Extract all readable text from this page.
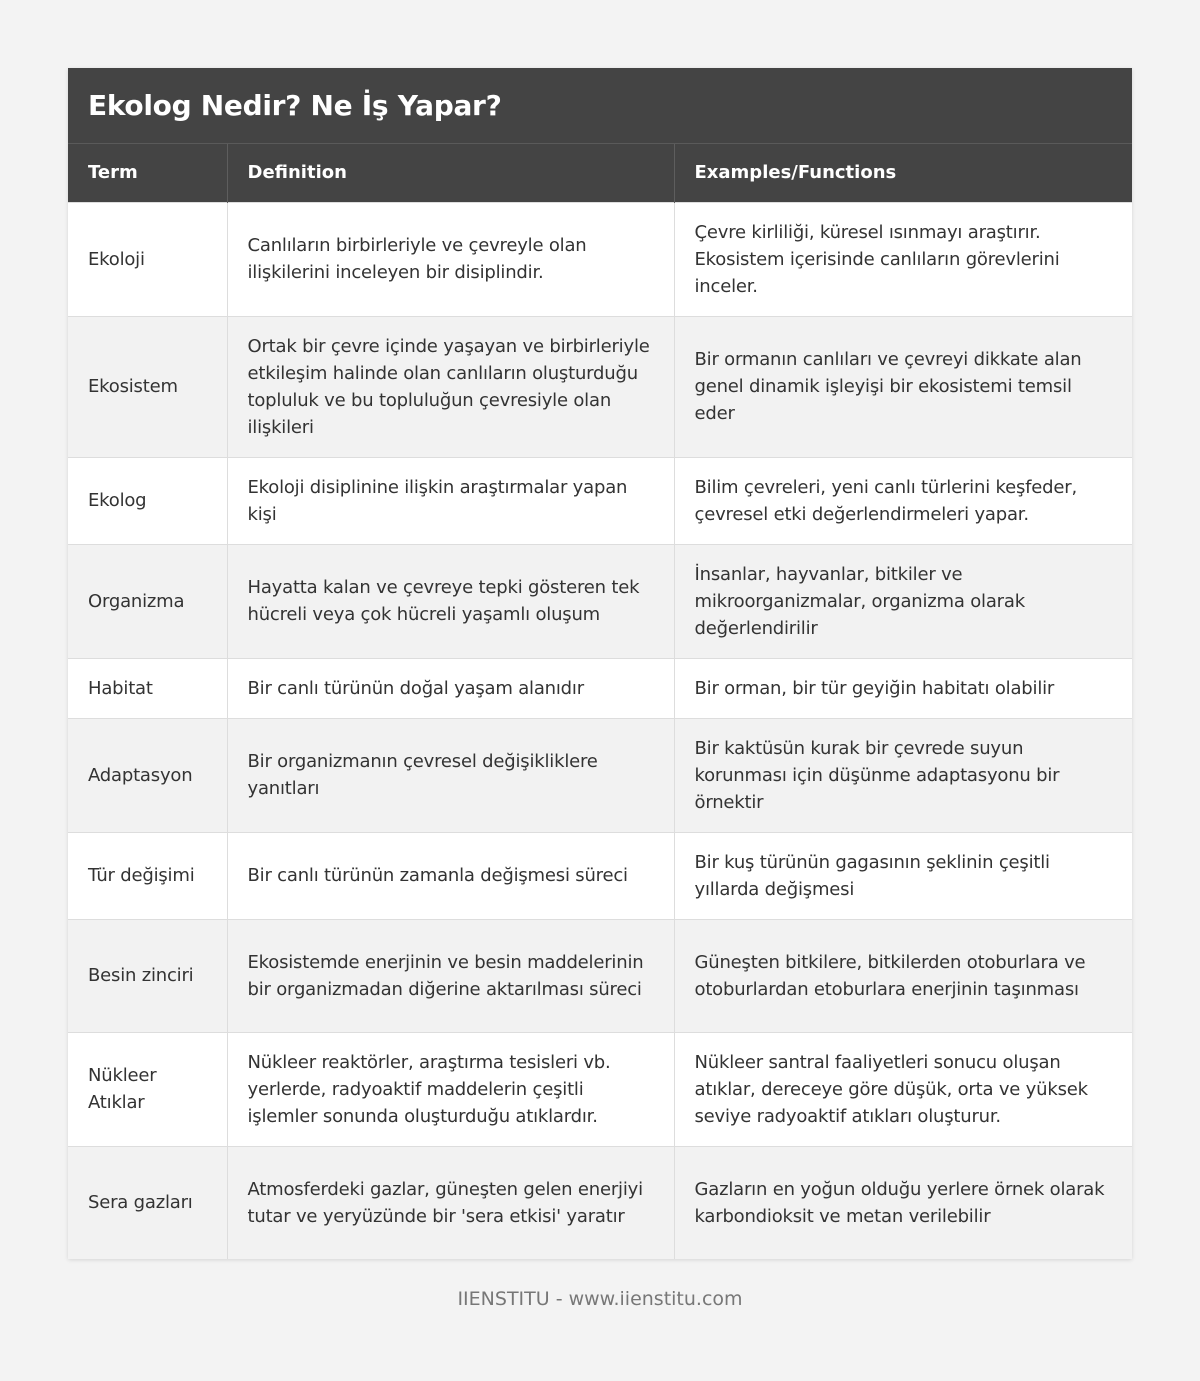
Ekolog Nedir? Ne İş Yapar?
Term	Definition	Examples/Functions
Ekoloji	Canlıların birbirleriyle ve çevreyle olan ilişkilerini inceleyen bir disiplindir.	Çevre kirliliği, küresel ısınmayı araştırır. Ekosistem içerisinde canlıların görevlerini inceler.
Ekosistem	Ortak bir çevre içinde yaşayan ve birbirleriyle etkileşim halinde olan canlıların oluşturduğu topluluk ve bu topluluğun çevresiyle olan ilişkileri	Bir ormanın canlıları ve çevreyi dikkate alan genel dinamik işleyişi bir ekosistemi temsil eder
Ekolog	Ekoloji disiplinine ilişkin araştırmalar yapan kişi	Bilim çevreleri, yeni canlı türlerini keşfeder, çevresel etki değerlendirmeleri yapar.
Organizma	Hayatta kalan ve çevreye tepki gösteren tek hücreli veya çok hücreli yaşamlı oluşum	İnsanlar, hayvanlar, bitkiler ve mikroorganizmalar, organizma olarak değerlendirilir
Habitat	Bir canlı türünün doğal yaşam alanıdır	Bir orman, bir tür geyiğin habitatı olabilir
Adaptasyon	Bir organizmanın çevresel değişikliklere yanıtları	Bir kaktüsün kurak bir çevrede suyun korunması için düşünme adaptasyonu bir örnektir
Tür değişimi	Bir canlı türünün zamanla değişmesi süreci	Bir kuş türünün gagasının şeklinin çeşitli yıllarda değişmesi
Besin zinciri	Ekosistemde enerjinin ve besin maddelerinin bir organizmadan diğerine aktarılması süreci	Güneşten bitkilere, bitkilerden otoburlara ve otoburlardan etoburlara enerjinin taşınması
Nükleer Atıklar	Nükleer reaktörler, araştırma tesisleri vb. yerlerde, radyoaktif maddelerin çeşitli işlemler sonunda oluşturduğu atıklardır.	Nükleer santral faaliyetleri sonucu oluşan atıklar, dereceye göre düşük, orta ve yüksek seviye radyoaktif atıkları oluşturur.
Sera gazları	Atmosferdeki gazlar, güneşten gelen enerjiyi tutar ve yeryüzünde bir 'sera etkisi' yaratır	Gazların en yoğun olduğu yerlere örnek olarak karbondioksit ve metan verilebilir
IIENSTITU - www.iienstitu.com
